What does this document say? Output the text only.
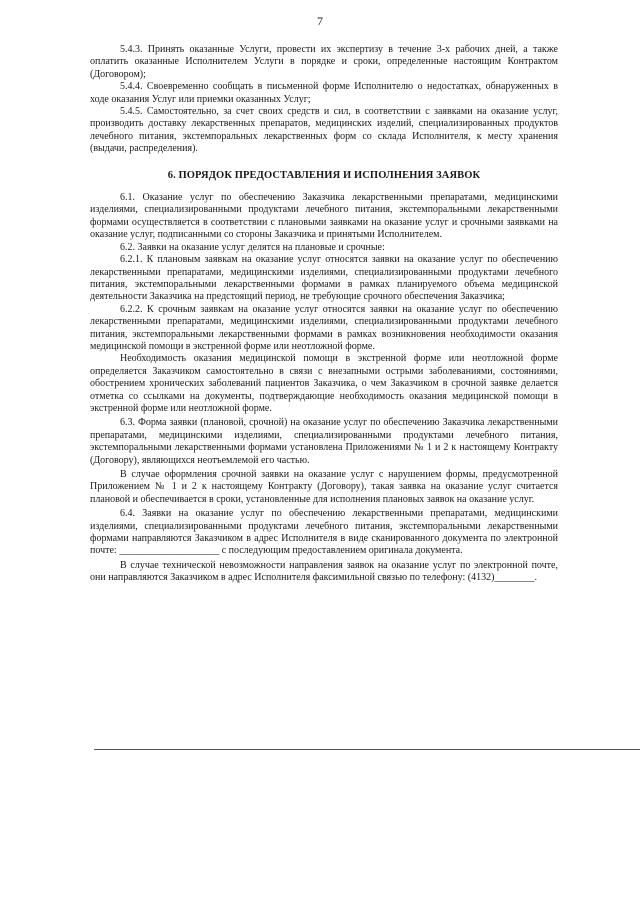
7

5.4.3. Принять оказанные Услуги, провести их экспертизу в течение 3-х рабочих дней, а также оплатить оказанные Исполнителем Услуги в порядке и сроки, определенные настоящим Контрактом (Договором);

5.4.4. Своевременно сообщать в письменной форме Исполнителю о недостатках, обнаруженных в ходе оказания Услуг или приемки оказанных Услуг;

5.4.5. Самостоятельно, за счет своих средств и сил, в соответствии с заявками на оказание услуг, производить доставку лекарственных препаратов, медицинских изделий, специализированных продуктов лечебного питания, экстемпоральных лекарственных форм со склада Исполнителя, к месту хранения (выдачи, распределения).

6. ПОРЯДОК ПРЕДОСТАВЛЕНИЯ И ИСПОЛНЕНИЯ ЗАЯВОК

6.1. Оказание услуг по обеспечению Заказчика лекарственными препаратами, медицинскими изделиями, специализированными продуктами лечебного питания, экстемпоральными лекарственными формами осуществляется в соответствии с плановыми заявками на оказание услуг и срочными заявками на оказание услуг, подписанными со стороны Заказчика и принятыми Исполнителем.

6.2. Заявки на оказание услуг делятся на плановые и срочные:

6.2.1. К плановым заявкам на оказание услуг относятся заявки на оказание услуг по обеспечению лекарственными препаратами, медицинскими изделиями, специализированными продуктами лечебного питания, экстемпоральными лекарственными формами в рамках планируемого объема медицинской деятельности Заказчика на предстоящий период, не требующие срочного обеспечения Заказчика;

6.2.2. К срочным заявкам на оказание услуг относятся заявки на оказание услуг по обеспечению лекарственными препаратами, медицинскими изделиями, специализированными продуктами лечебного питания, экстемпоральными лекарственными формами в рамках возникновения необходимости оказания медицинской помощи в экстренной форме или неотложной форме.

Необходимость оказания медицинской помощи в экстренной форме или неотложной форме определяется Заказчиком самостоятельно в связи с внезапными острыми заболеваниями, состояниями, обострением хронических заболеваний пациентов Заказчика, о чем Заказчиком в срочной заявке делается отметка со ссылками на документы, подтверждающие необходимость оказания медицинской помощи в экстренной форме или неотложной форме.

6.3. Форма заявки (плановой, срочной) на оказание услуг по обеспечению Заказчика лекарственными препаратами, медицинскими изделиями, специализированными продуктами лечебного питания, экстемпоральными лекарственными формами установлена Приложениями № 1 и 2 к настоящему Контракту (Договору), являющихся неотъемлемой его частью.

В случае оформления срочной заявки на оказание услуг с нарушением формы, предусмотренной Приложением № 1 и 2 к настоящему Контракту (Договору), такая заявка на оказание услуг считается плановой и обеспечивается в сроки, установленные для исполнения плановых заявок на оказание услуг.

6.4. Заявки на оказание услуг по обеспечению лекарственными препаратами, медицинскими изделиями, специализированными продуктами лечебного питания, экстемпоральными лекарственными формами направляются Заказчиком в адрес Исполнителя в виде сканированного документа по электронной почте: ____________________ с последующим предоставлением оригинала документа.

В случае технической невозможности направления заявок на оказание услуг по электронной почте, они направляются Заказчиком в адрес Исполнителя факсимильной связью по телефону: (4132)________.
